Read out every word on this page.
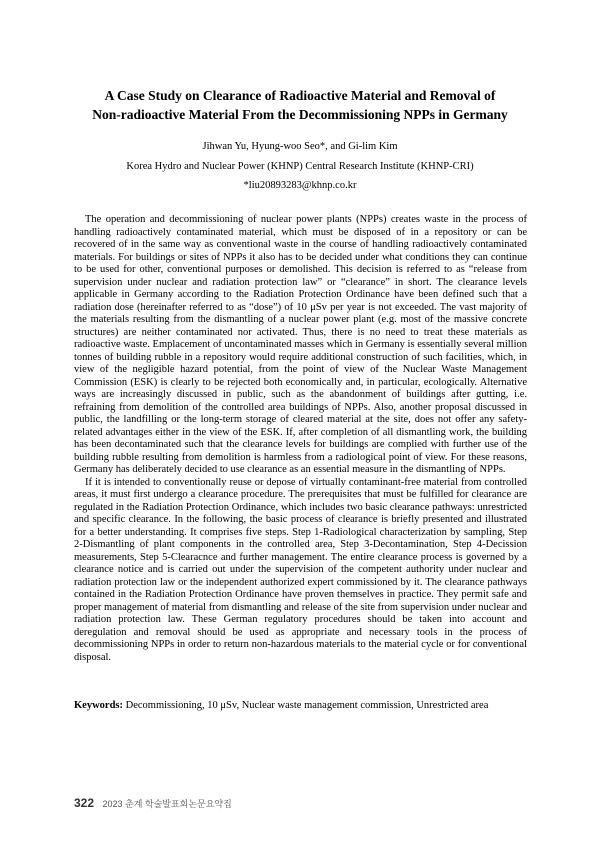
A Case Study on Clearance of Radioactive Material and Removal of
Non-radioactive Material From the Decommissioning NPPs in Germany
Jihwan Yu, Hyung-woo Seo*, and Gi-lim Kim
Korea Hydro and Nuclear Power (KHNP) Central Research Institute (KHNP-CRI)
*liu20893283@khnp.co.kr

The operation and decommissioning of nuclear power plants (NPPs) creates waste in the process of handling radioactively contaminated material, which must be disposed of in a repository or can be recovered of in the same way as conventional waste in the course of handling radioactively contaminated materials. For buildings or sites of NPPs it also has to be decided under what conditions they can continue to be used for other, conventional purposes or demolished. This decision is referred to as “release from supervision under nuclear and radiation protection law” or “clearance” in short. The clearance levels applicable in Germany according to the Radiation Protection Ordinance have been defined such that a radiation dose (hereinafter referred to as “dose”) of 10 μSv per year is not exceeded. The vast majority of the materials resulting from the dismantling of a nuclear power plant (e.g. most of the massive concrete structures) are neither contaminated nor activated. Thus, there is no need to treat these materials as radioactive waste. Emplacement of uncontaminated masses which in Germany is essentially several million tonnes of building rubble in a repository would require additional construction of such facilities, which, in view of the negligible hazard potential, from the point of view of the Nuclear Waste Management Commission (ESK) is clearly to be rejected both economically and, in particular, ecologically. Alternative ways are increasingly discussed in public, such as the abandonment of buildings after gutting, i.e. refraining from demolition of the controlled area buildings of NPPs. Also, another proposal discussed in public, the landfilling or the long-term storage of cleared material at the site, does not offer any safety-related advantages either in the view of the ESK. If, after completion of all dismantling work, the building has been decontaminated such that the clearance levels for buildings are complied with further use of the building rubble resulting from demolition is harmless from a radiological point of view. For these reasons, Germany has deliberately decided to use clearance as an essential measure in the dismantling of NPPs.

If it is intended to conventionally reuse or depose of virtually contaminant-free material from controlled areas, it must first undergo a clearance procedure. The prerequisites that must be fulfilled for clearance are regulated in the Radiation Protection Ordinance, which includes two basic clearance pathways: unrestricted and specific clearance. In the following, the basic process of clearance is briefly presented and illustrated for a better understanding. It comprises five steps. Step 1-Radiological characterization by sampling, Step 2-Dismantling of plant components in the controlled area, Step 3-Decontamination, Step 4-Decission measurements, Step 5-Clearacnce and further management. The entire clearance process is governed by a clearance notice and is carried out under the supervision of the competent authority under nuclear and radiation protection law or the independent authorized expert commissioned by it. The clearance pathways contained in the Radiation Protection Ordinance have proven themselves in practice. They permit safe and proper management of material from dismantling and release of the site from supervision under nuclear and radiation protection law. These German regulatory procedures should be taken into account and deregulation and removal should be used as appropriate and necessary tools in the process of decommissioning NPPs in order to return non-hazardous materials to the material cycle or for conventional disposal.

Keywords: Decommissioning, 10 μSv, Nuclear waste management commission, Unrestricted area
322 2023 춘계 학술발표회논문요약집
